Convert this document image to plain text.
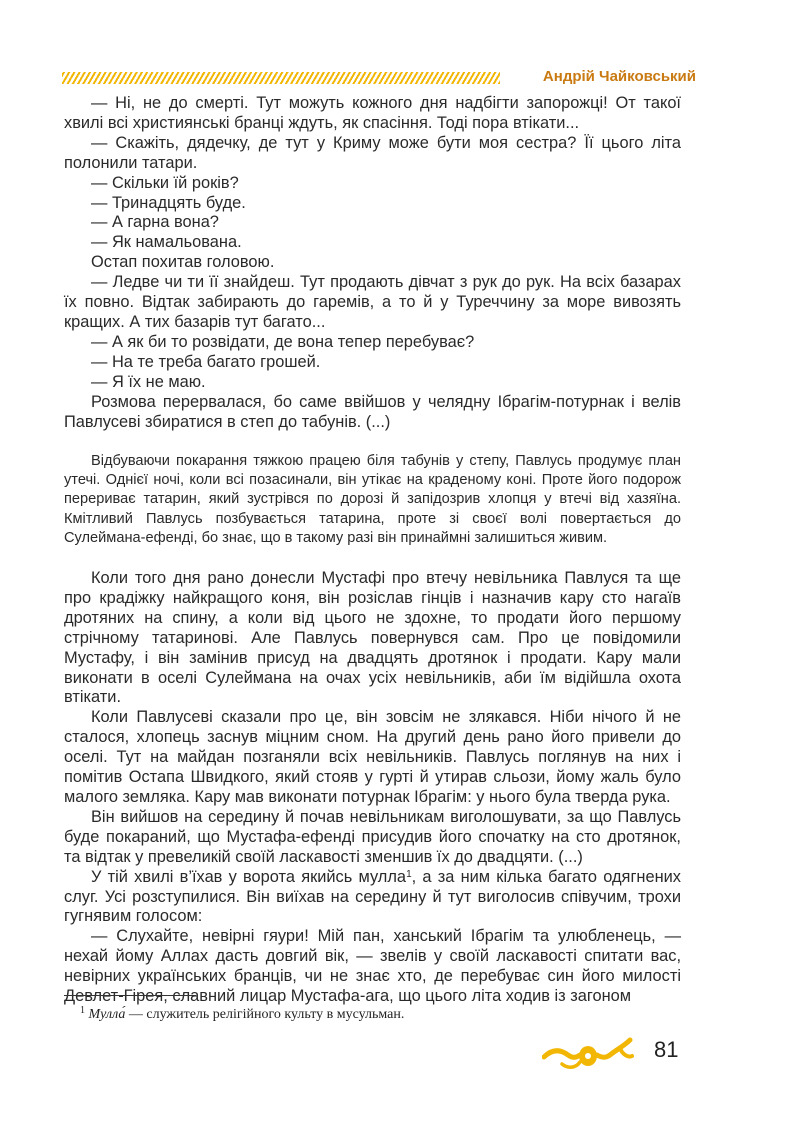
Андрій Чайковський

— Ні, не до смерті. Тут можуть кожного дня надбігти запорожці! От такої хвилі всі християнські бранці ждуть, як спасіння. Тоді пора втікати...

— Скажіть, дядечку, де тут у Криму може бути моя сестра? Її цього літа полонили татари.

— Скільки їй років?

— Тринадцять буде.

— А гарна вона?

— Як намальована.

Остап похитав головою.

— Ледве чи ти її знайдеш. Тут продають дівчат з рук до рук. На всіх базарах їх повно. Відтак забирають до гаремів, а то й у Туреччину за море вивозять кращих. А тих базарів тут багато...

— А як би то розвідати, де вона тепер перебуває?

— На те треба багато грошей.

— Я їх не маю.

Розмова перервалася, бо саме ввійшов у челядну Ібрагім-потурнак і велів Павлусеві збиратися в степ до табунів. (...)

Відбуваючи покарання тяжкою працею біля табунів у степу, Павлусь продумує план утечі. Однієї ночі, коли всі позасинали, він утікає на краденому коні. Проте його подорож перериває татарин, який зустрівся по дорозі й запідозрив хлопця у втечі від хазяїна. Кмітливий Павлусь позбувається татарина, проте зі своєї волі повертається до Сулеймана-ефенді, бо знає, що в такому разі він принаймні залишиться живим.

Коли того дня рано донесли Мустафі про втечу невільника Павлуся та ще про крадіжку найкращого коня, він розіслав гінців і назначив кару сто нагаїв дротяних на спину, а коли від цього не здохне, то продати його першому стрічному татаринові. Але Павлусь повернувся сам. Про це повідомили Мустафу, і він замінив присуд на двадцять дротянок і продати. Кару мали виконати в оселі Сулеймана на очах усіх невільників, аби їм відійшла охота втікати.

Коли Павлусеві сказали про це, він зовсім не злякався. Ніби нічого й не сталося, хлопець заснув міцним сном. На другий день рано його привели до оселі. Тут на майдан позганяли всіх невільників. Павлусь поглянув на них і помітив Остапа Швидкого, який стояв у гурті й утирав сльози, йому жаль було малого земляка. Кару мав виконати потурнак Ібрагім: у нього була тверда рука.

Він вийшов на середину й почав невільникам виголошувати, за що Павлусь буде покараний, що Мустафа-ефенді присудив його спочатку на сто дротянок, та відтак у превеликій своїй ласкавості зменшив їх до двадцяти. (...)

У тій хвилі в’їхав у ворота якийсь мулла$^1$, а за ним кілька багато одягнених слуг. Усі розступилися. Він виїхав на середину й тут виголосив співучим, трохи гугнявим голосом:

— Слухайте, невірні гяури! Мій пан, ханський Ібрагім та улюбленець, — нехай йому Аллах дасть довгий вік, — звелів у своїй ласкавості спитати вас, невірних українських бранців, чи не знає хто, де перебуває син його милості Девлет-Гірея, славний лицар Мустафа-ага, що цього літа ходив із загоном

$^1$ Мулла́ — служитель релігійного культу в мусульман.
81
